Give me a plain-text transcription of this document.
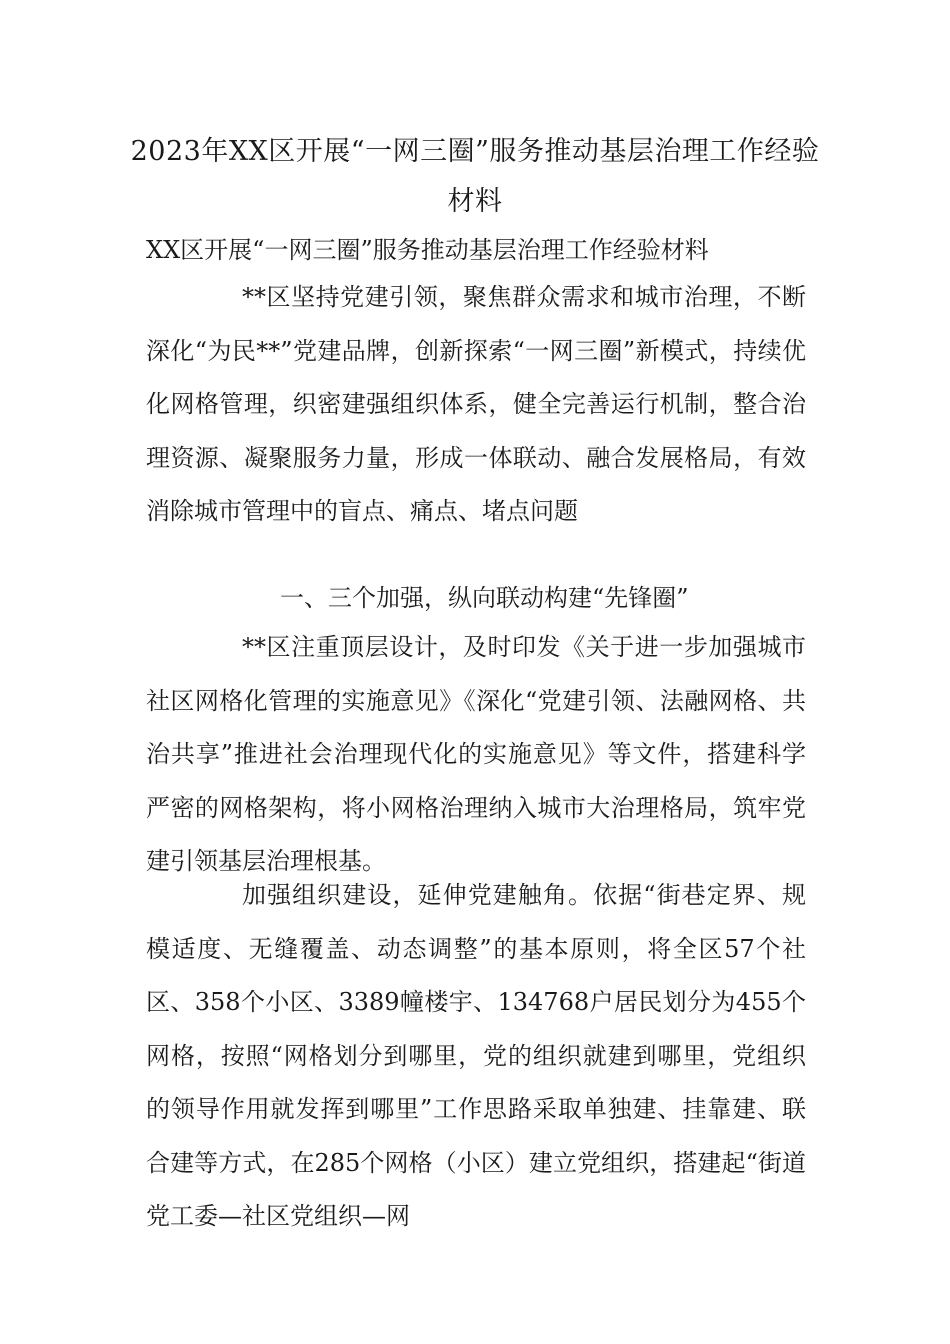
2023年XX区开展“一网三圈”服务推动基层治理工作经验材料
XX区开展“一网三圈”服务推动基层治理工作经验材料

**区坚持党建引领，聚焦群众需求和城市治理，不断深化“为民**”党建品牌，创新探索“一网三圈”新模式，持续优化网格管理，织密建强组织体系，健全完善运行机制，整合治理资源、凝聚服务力量，形成一体联动、融合发展格局，有效消除城市管理中的盲点、痛点、堵点问题

一、三个加强，纵向联动构建“先锋圈”

**区注重顶层设计，及时印发《关于进一步加强城市社区网格化管理的实施意见》《深化“党建引领、法融网格、共治共享”推进社会治理现代化的实施意见》等文件，搭建科学严密的网格架构，将小网格治理纳入城市大治理格局，筑牢党建引领基层治理根基。

加强组织建设，延伸党建触角。依据“街巷定界、规模适度、无缝覆盖、动态调整”的基本原则，将全区57个社区、358个小区、3389幢楼宇、134768户居民划分为455个网格，按照“网格划分到哪里，党的组织就建到哪里，党组织的领导作用就发挥到哪里”工作思路采取单独建、挂靠建、联合建等方式，在285个网格（小区）建立党组织，搭建起“街道党工委—社区党组织—网
